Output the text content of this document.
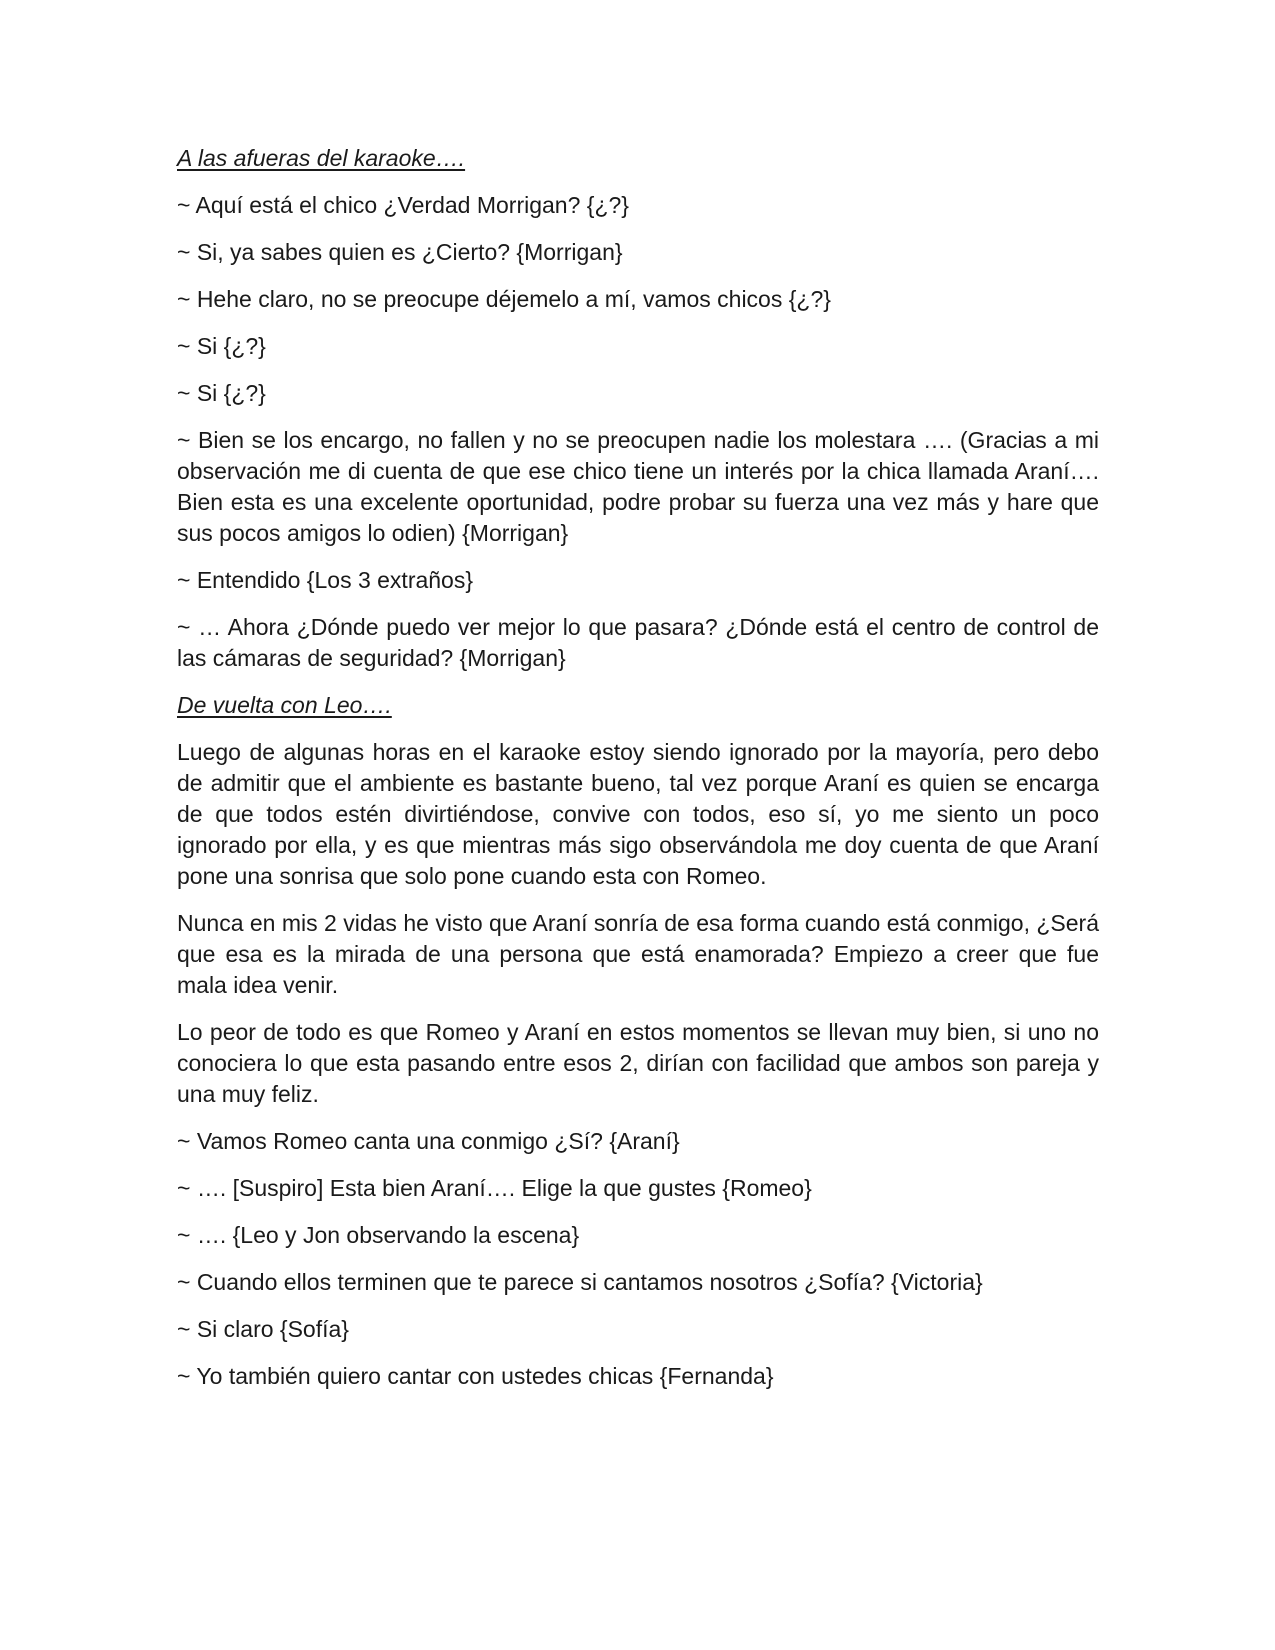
A las afueras del karaoke….

~ Aquí está el chico ¿Verdad Morrigan? {¿?}

~ Si, ya sabes quien es ¿Cierto? {Morrigan}

~ Hehe claro, no se preocupe déjemelo a mí, vamos chicos {¿?}

~ Si {¿?}

~ Si {¿?}

~ Bien se los encargo, no fallen y no se preocupen nadie los molestara …. (Gracias a mi observación me di cuenta de que ese chico tiene un interés por la chica llamada Araní…. Bien esta es una excelente oportunidad, podre probar su fuerza una vez más y hare que sus pocos amigos lo odien) {Morrigan}

~ Entendido {Los 3 extraños}

~ … Ahora ¿Dónde puedo ver mejor lo que pasara? ¿Dónde está el centro de control de las cámaras de seguridad? {Morrigan}

De vuelta con Leo….

Luego de algunas horas en el karaoke estoy siendo ignorado por la mayoría, pero debo de admitir que el ambiente es bastante bueno, tal vez porque Araní es quien se encarga de que todos estén divirtiéndose, convive con todos, eso sí, yo me siento un poco ignorado por ella, y es que mientras más sigo observándola me doy cuenta de que Araní pone una sonrisa que solo pone cuando esta con Romeo.

Nunca en mis 2 vidas he visto que Araní sonría de esa forma cuando está conmigo, ¿Será que esa es la mirada de una persona que está enamorada? Empiezo a creer que fue mala idea venir.

Lo peor de todo es que Romeo y Araní en estos momentos se llevan muy bien, si uno no conociera lo que esta pasando entre esos 2, dirían con facilidad que ambos son pareja y una muy feliz.

~ Vamos Romeo canta una conmigo ¿Sí? {Araní}

~ …. [Suspiro] Esta bien Araní…. Elige la que gustes {Romeo}

~ …. {Leo y Jon observando la escena}

~ Cuando ellos terminen que te parece si cantamos nosotros ¿Sofía? {Victoria}

~ Si claro {Sofía}

~ Yo también quiero cantar con ustedes chicas {Fernanda}
